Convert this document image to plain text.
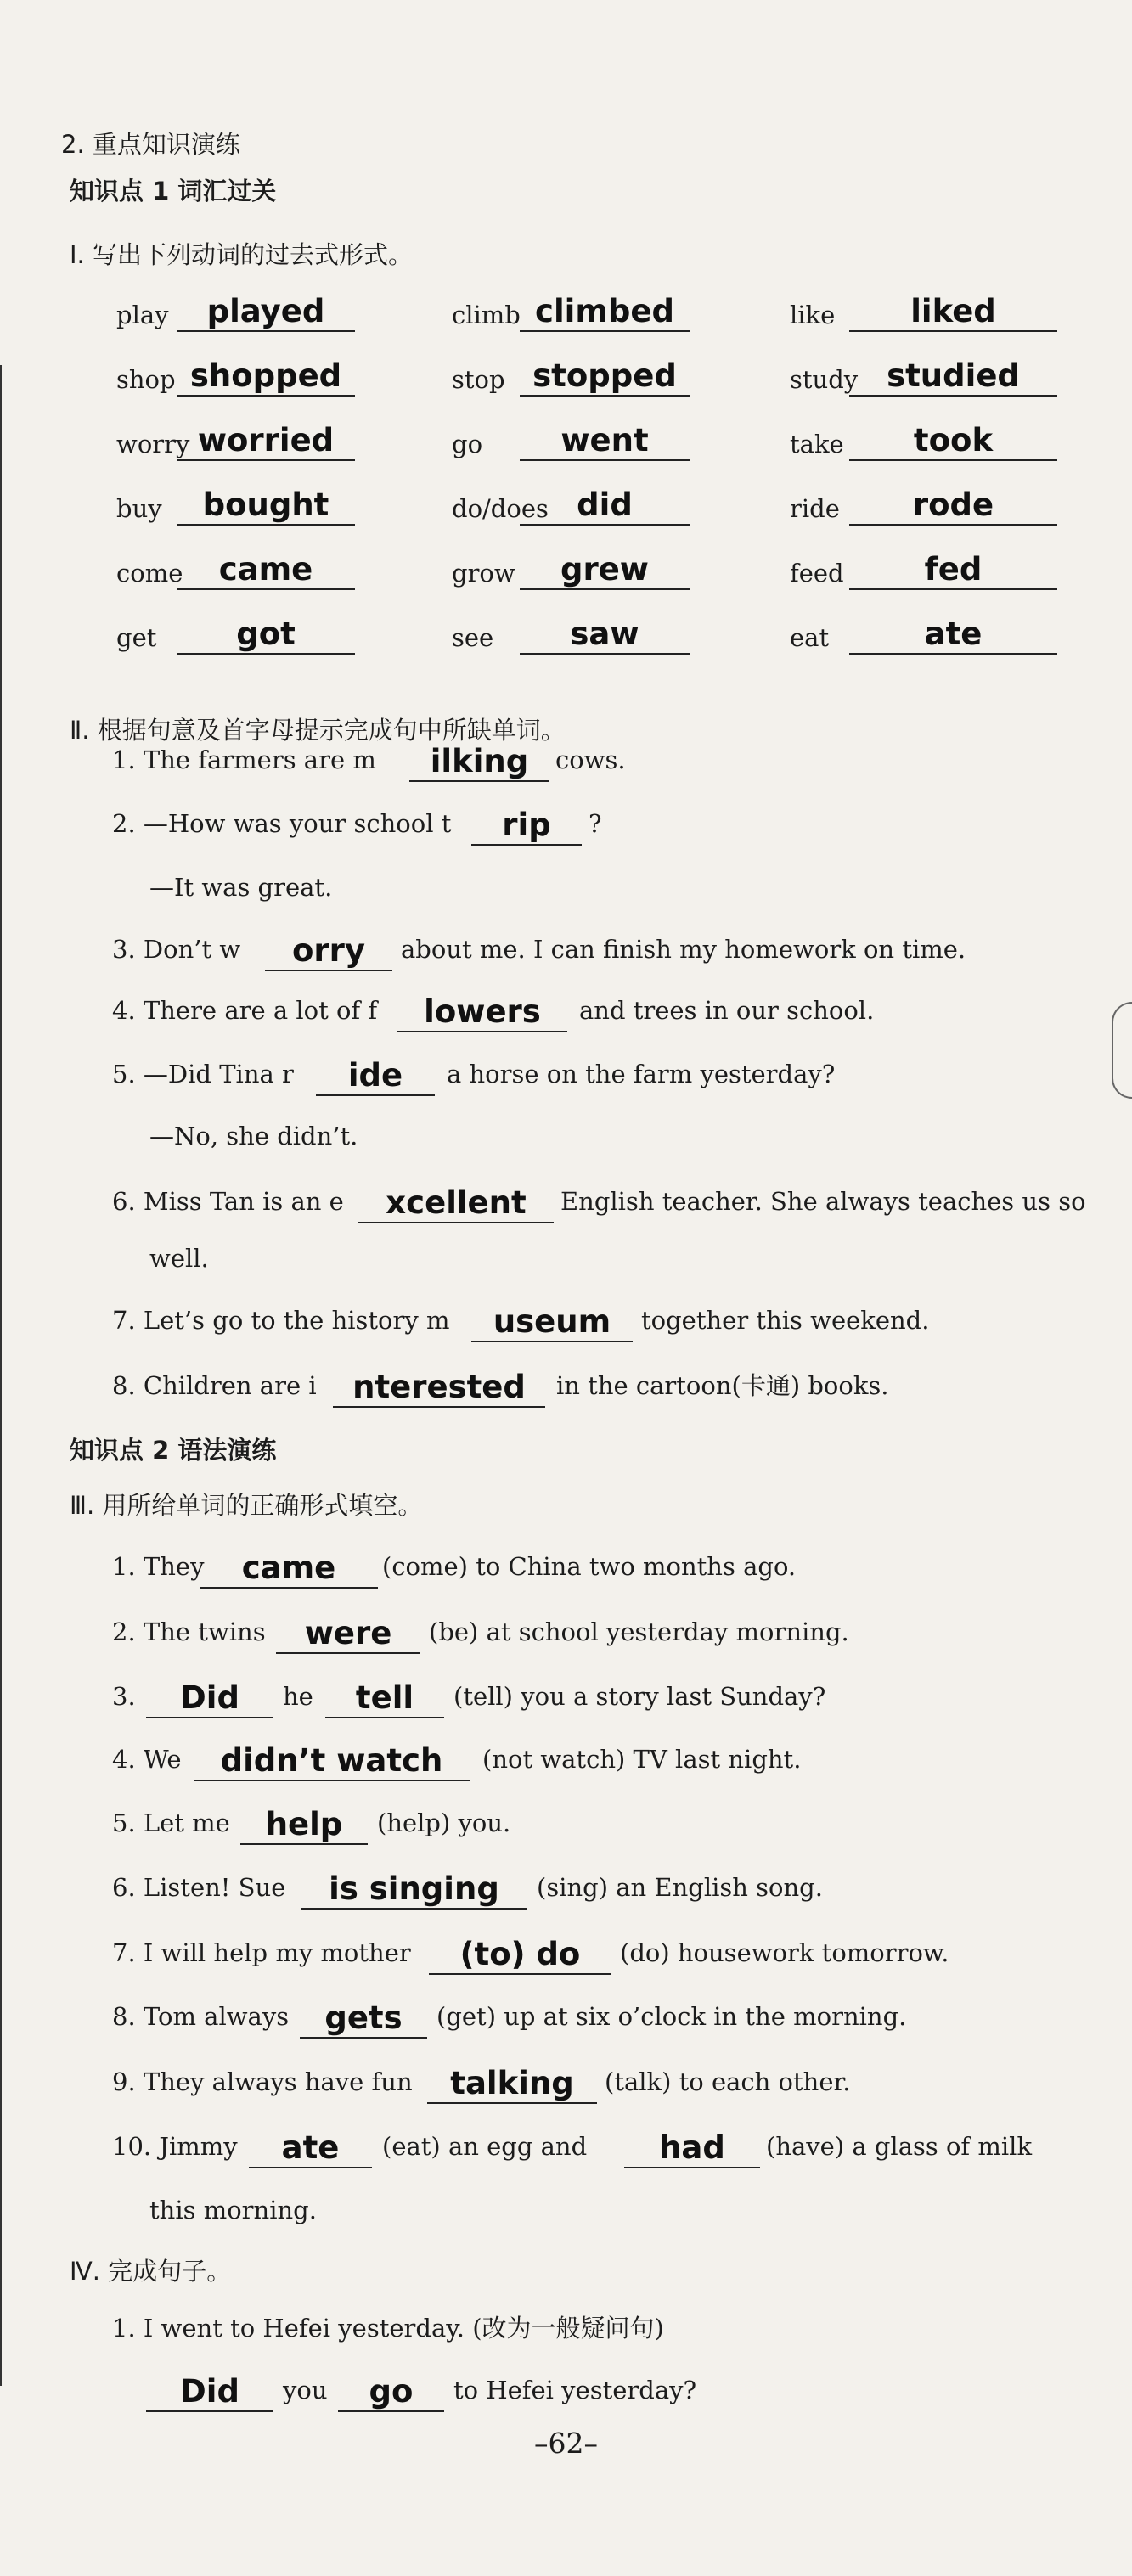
2. 重点知识演练
知识点 1 词汇过关
Ⅰ. 写出下列动词的过去式形式。
play played	climb climbed	like liked
shop shopped	stop stopped	study studied
worry worried	go went	take took
buy bought	do/does did	ride rode
come came	grow grew	feed	fed
get	got	see saw	eat	ate
Ⅱ. 根据句意及首字母提示完成句中所缺单词。
1. The farmers are m ilking cows.
2. —How was your school t rip ?
—It was great.
3. Don’t w orry about me. I can finish my homework on time.
4. There are a lot of f lowers and trees in our school.
5. —Did Tina r ide a horse on the farm yesterday?
—No, she didn’t.
6. Miss Tan is an e xcellent English teacher. She always teaches us so
well.
7. Let’s go to the history m useum together this weekend.
8. Children are i nterested in the cartoon(卡通) books.
知识点 2 语法演练
Ⅲ. 用所给单词的正确形式填空。
1. They came (come) to China two months ago.
2. The twins were (be) at school yesterday morning.
3. Did he tell (tell) you a story last Sunday?
4. We didn’t watch (not watch) TV last night.
5. Let me help (help) you.
6. Listen! Sue is singing (sing) an English song.
7. I will help my mother (to) do (do) housework tomorrow.
8. Tom always gets (get) up at six o’clock in the morning.
9. They always have fun talking (talk) to each other.
10. Jimmy ate (eat) an egg and had (have) a glass of milk
this morning.
Ⅳ. 完成句子。
1. I went to Hefei yesterday. (改为一般疑问句)
Did you go to Hefei yesterday?
–62–
